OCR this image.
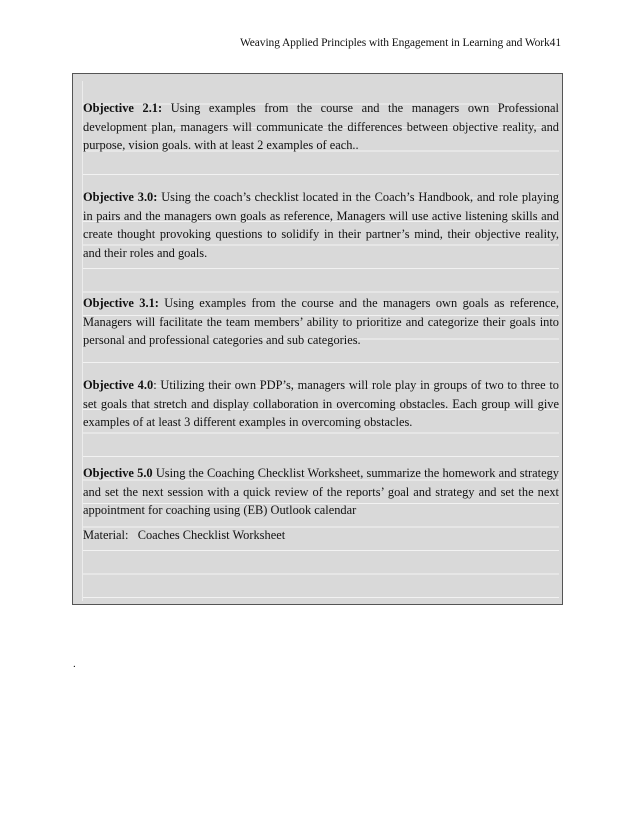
Weaving Applied Principles with Engagement in Learning and Work41
Objective 2.1: Using examples from the course and the managers own Professional development plan, managers will communicate the differences between objective reality, and purpose, vision goals. with at least 2 examples of each..
Objective 3.0: Using the coach’s checklist located in the Coach’s Handbook, and role playing in pairs and the managers own goals as reference, Managers will use active listening skills and create thought provoking questions to solidify in their partner’s mind, their objective reality, and their roles and goals.
Objective 3.1: Using examples from the course and the managers own goals as reference, Managers will facilitate the team members’ ability to prioritize and categorize their goals into personal and professional categories and sub categories.
Objective 4.0: Utilizing their own PDP’s, managers will role play in groups of two to three to set goals that stretch and display collaboration in overcoming obstacles. Each group will give examples of at least 3 different examples in overcoming obstacles.
Objective 5.0 Using the Coaching Checklist Worksheet, summarize the homework and strategy and set the next session with a quick review of the reports’ goal and strategy and set the next appointment for coaching using (EB) Outlook calendar
Material:   Coaches Checklist Worksheet
.
